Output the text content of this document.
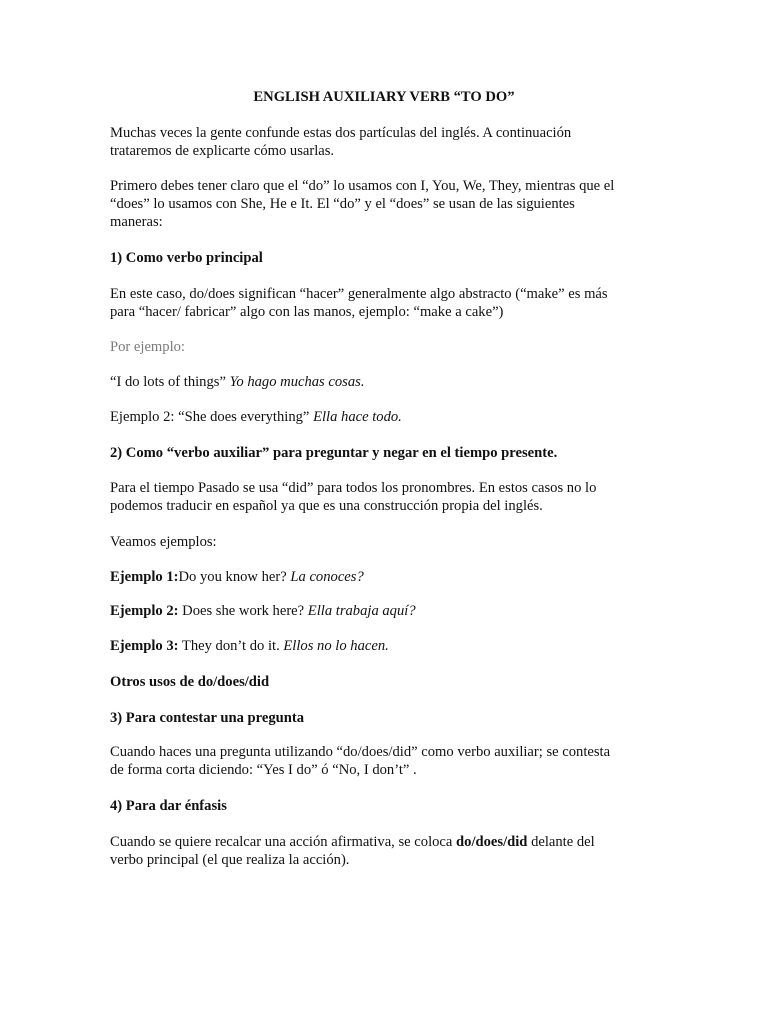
ENGLISH AUXILIARY VERB “TO DO”

Muchas veces la gente confunde estas dos partículas del inglés. A continuación
trataremos de explicarte cómo usarlas.

Primero debes tener claro que el “do” lo usamos con I, You, We, They, mientras que el
“does” lo usamos con She, He e It. El “do” y el “does” se usan de las siguientes
maneras:

1) Como verbo principal

En este caso, do/does significan “hacer” generalmente algo abstracto (“make” es más
para “hacer/ fabricar” algo con las manos, ejemplo: “make a cake”)

Por ejemplo:

“I do lots of things” Yo hago muchas cosas.

Ejemplo 2: “She does everything” Ella hace todo.

2) Como “verbo auxiliar” para preguntar y negar en el tiempo presente.

Para el tiempo Pasado se usa “did” para todos los pronombres. En estos casos no lo
podemos traducir en español ya que es una construcción propia del inglés.

Veamos ejemplos:

Ejemplo 1:Do you know her? La conoces?

Ejemplo 2: Does she work here? Ella trabaja aquí?

Ejemplo 3: They don’t do it. Ellos no lo hacen.

Otros usos de do/does/did

3) Para contestar una pregunta

Cuando haces una pregunta utilizando “do/does/did” como verbo auxiliar; se contesta
de forma corta diciendo: “Yes I do” ó “No, I don’t” .

4) Para dar énfasis

Cuando se quiere recalcar una acción afirmativa, se coloca do/does/did delante del
verbo principal (el que realiza la acción).
